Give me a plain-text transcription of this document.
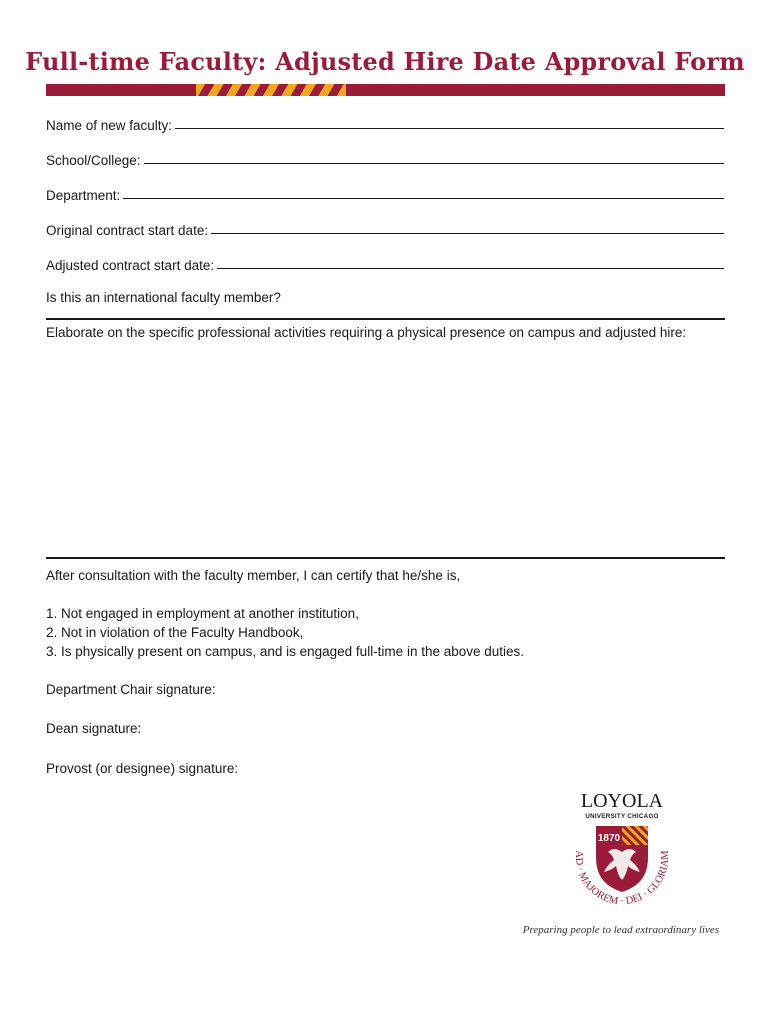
Full-time Faculty: Adjusted Hire Date Approval Form
Name of new faculty:
School/College:
Department:
Original contract start date:
Adjusted contract start date:
Is this an international faculty member?
Elaborate on the specific professional activities requiring a physical presence on campus and adjusted hire:
After consultation with the faculty member, I can certify that he/she is,
1. Not engaged in employment at another institution,
2. Not in violation of the Faculty Handbook,
3. Is physically present on campus, and is engaged full-time in the above duties.
Department Chair signature:
Dean signature:
Provost (or designee) signature:
LOYOLA
UNIVERSITY CHICAGO
AD · MAJOREM · DEI · GLORIAM
1870
Preparing people to lead extraordinary lives
